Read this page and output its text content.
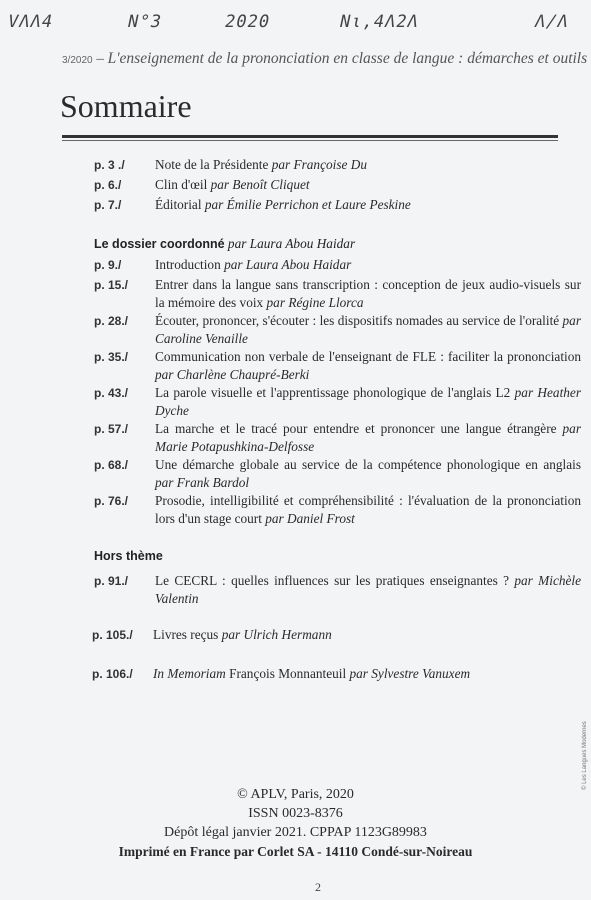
VΛΛ4	N°3	2020	Nι,4Λ2Λ	Λ/Λ
3/2020 – L'enseignement de la prononciation en classe de langue : démarches et outils
Sommaire
p. 3 ./ Note de la Présidente par Françoise Du
p. 6./	Clin d'œil par Benoît Cliquet
p. 7./	Éditorial par Émilie Perrichon et Laure Peskine
Le dossier coordonné par Laura Abou Haidar
p. 9./	Introduction par Laura Abou Haidar
p. 15./ Entrer dans la langue sans transcription : conception de jeux audio-visuels sur la mémoire des voix par Régine Llorca
p. 28./ Écouter, prononcer, s'écouter : les dispositifs nomades au service de l'oralité par Caroline Venaille
p. 35./ Communication non verbale de l'enseignant de FLE : faciliter la prononciation par Charlène Chaupré-Berki
p. 43./ La parole visuelle et l'apprentissage phonologique de l'anglais L2 par Heather Dyche
p. 57./ La marche et le tracé pour entendre et prononcer une langue étrangère par Marie Potapushkina-Delfosse
p. 68./ Une démarche globale au service de la compétence phonologique en anglais par Frank Bardol
p. 76./ Prosodie, intelligibilité et compréhensibilité : l'évaluation de la prononciation lors d'un stage court par Daniel Frost
Hors thème
p. 91./ Le CECRL : quelles influences sur les pratiques enseignantes ? par Michèle Valentin
p. 105./ Livres reçus par Ulrich Hermann
p. 106./ In Memoriam François Monnanteuil par Sylvestre Vanuxem
© APLV, Paris, 2020
ISSN 0023-8376
Dépôt légal janvier 2021. CPPAP 1123G89983
Imprimé en France par Corlet SA - 14110 Condé-sur-Noireau
2
© Les Langues Modernes
